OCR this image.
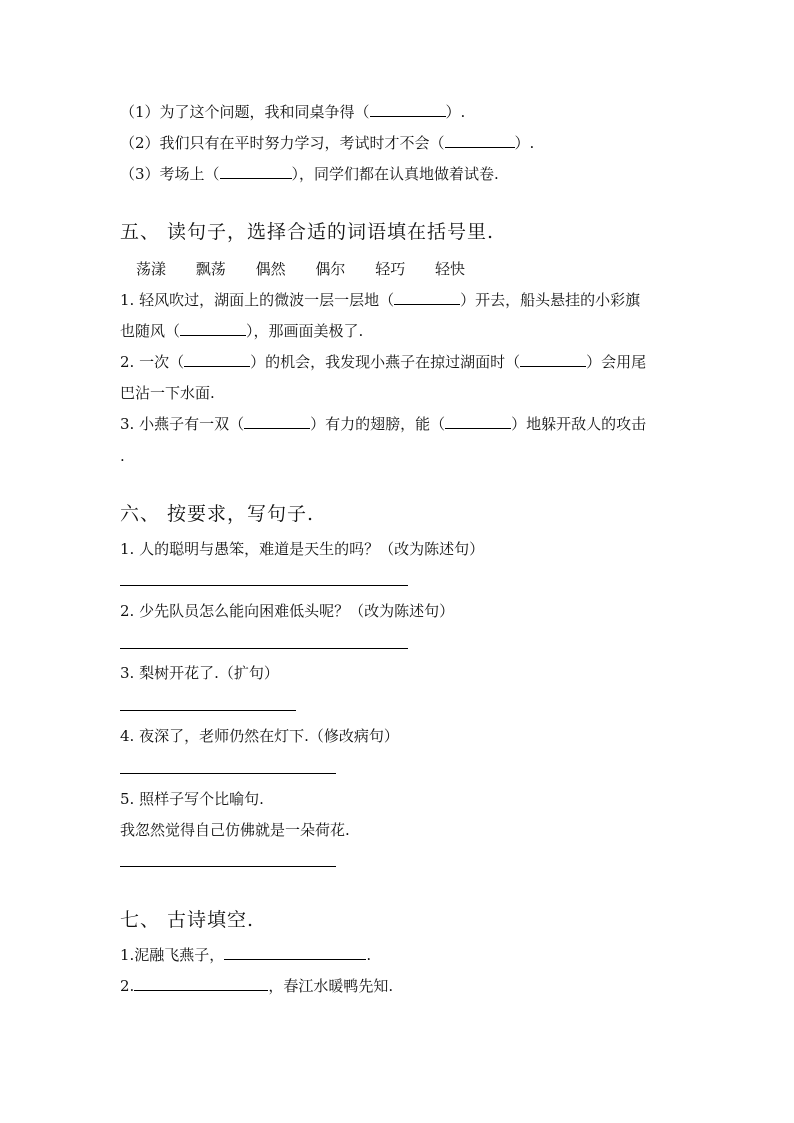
（1）为了这个问题，我和同桌争得（	）.
（2）我们只有在平时努力学习，考试时才不会（	）.
（3）考场上（	），同学们都在认真地做着试卷.
五、 读句子，选择合适的词语填在括号里.
荡漾 飘荡 偶然 偶尔 轻巧 轻快
1. 轻风吹过，湖面上的微波一层一层地（	）开去，船头悬挂的小彩旗
也随风（	），那画面美极了.
2. 一次（	）的机会，我发现小燕子在掠过湖面时（	）会用尾
巴沾一下水面.
3. 小燕子有一双（	）有力的翅膀，能（	）地躲开敌人的攻击
.
六、 按要求，写句子.
1. 人的聪明与愚笨，难道是天生的吗？（改为陈述句）
2. 少先队员怎么能向困难低头呢？（改为陈述句）
3. 梨树开花了.（扩句）
4. 夜深了，老师仍然在灯下.（修改病句）
5. 照样子写个比喻句.
我忽然觉得自己仿佛就是一朵荷花.
七、 古诗填空.
1.泥融飞燕子，	.
2.	，春江水暖鸭先知.
